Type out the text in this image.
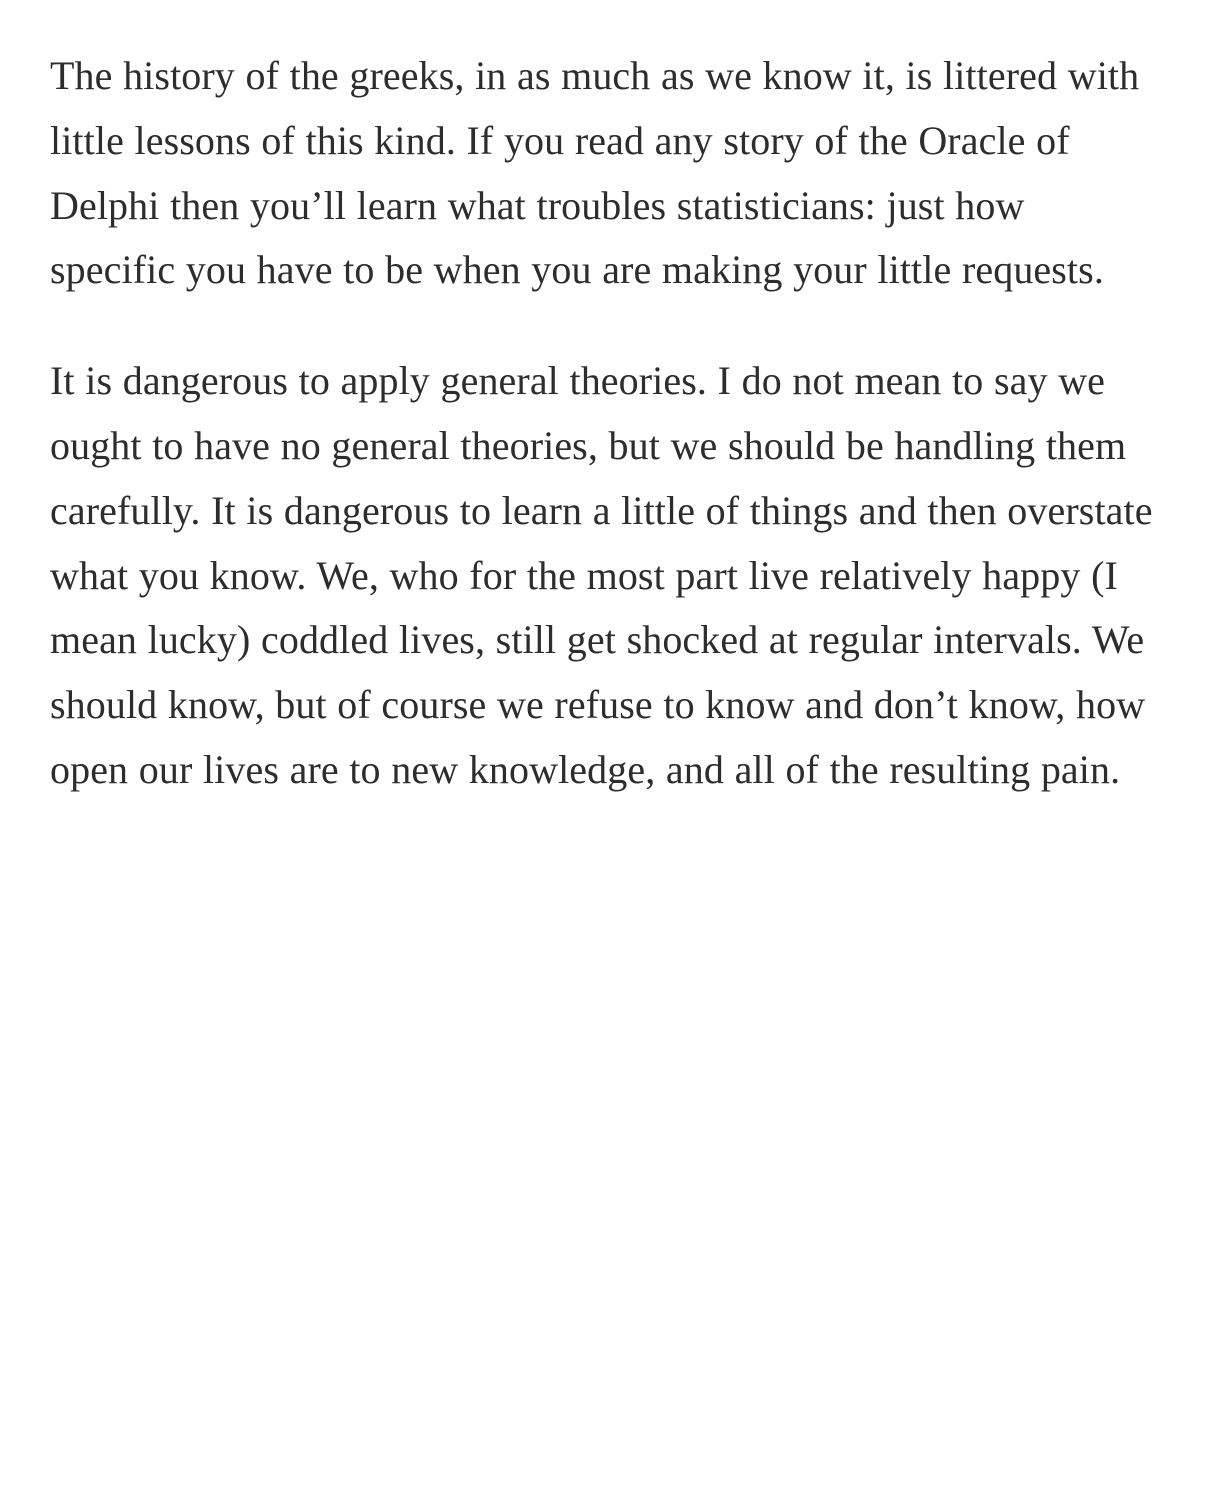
The history of the greeks, in as much as we know it, is littered with little lessons of this kind. If you read any story of the Oracle of Delphi then you’ll learn what troubles statisticians: just how specific you have to be when you are making your little requests.

It is dangerous to apply general theories. I do not mean to say we ought to have no general theories, but we should be handling them carefully. It is dangerous to learn a little of things and then overstate what you know. We, who for the most part live relatively happy (I mean lucky) coddled lives, still get shocked at regular intervals. We should know, but of course we refuse to know and don’t know, how open our lives are to new knowledge, and all of the resulting pain.
